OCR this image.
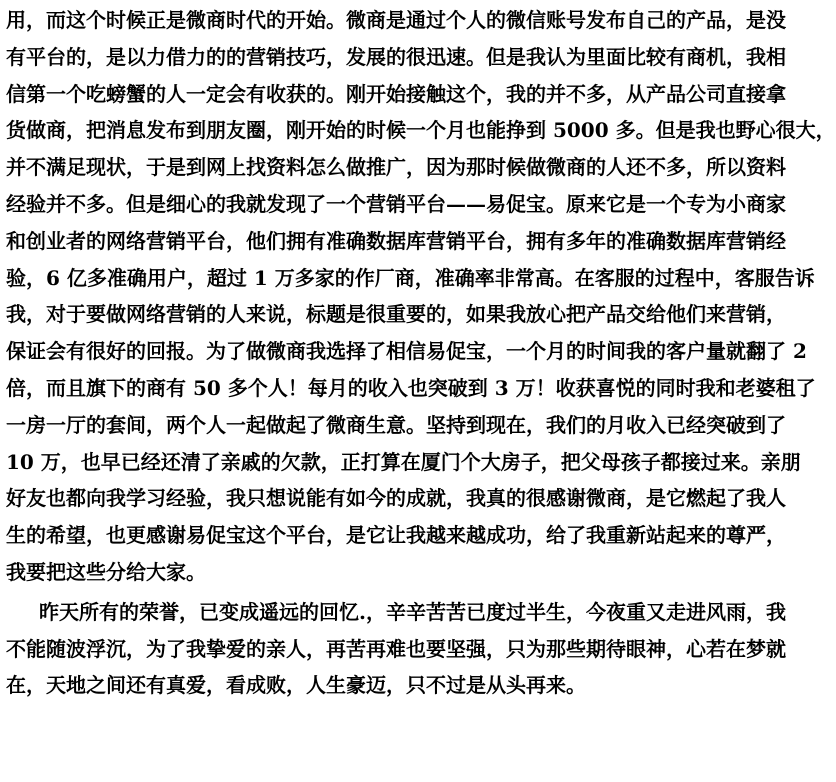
用，而这个时候正是微商时代的开始。微商是通过个人的微信账号发布自己的产品，是没
有平台的，是以力借力的的营销技巧，发展的很迅速。但是我认为里面比较有商机，我相
信第一个吃螃蟹的人一定会有收获的。刚开始接触这个，我的并不多，从产品公司直接拿
货做商，把消息发布到朋友圈，刚开始的时候一个月也能挣到 5000 多。但是我也野心很大，
并不满足现状，于是到网上找资料怎么做推广，因为那时候做微商的人还不多，所以资料
经验并不多。但是细心的我就发现了一个营销平台——易促宝。原来它是一个专为小商家
和创业者的网络营销平台，他们拥有准确数据库营销平台，拥有多年的准确数据库营销经
验，6 亿多准确用户，超过 1 万多家的作厂商，准确率非常高。在客服的过程中，客服告诉
我，对于要做网络营销的人来说，标题是很重要的，如果我放心把产品交给他们来营销，
保证会有很好的回报。为了做微商我选择了相信易促宝，一个月的时间我的客户量就翻了 2
倍，而且旗下的商有 50 多个人！每月的收入也突破到 3 万！收获喜悦的同时我和老婆租了
一房一厅的套间，两个人一起做起了微商生意。坚持到现在，我们的月收入已经突破到了
10 万，也早已经还清了亲戚的欠款，正打算在厦门个大房子，把父母孩子都接过来。亲朋
好友也都向我学习经验，我只想说能有如今的成就，我真的很感谢微商，是它燃起了我人
生的希望，也更感谢易促宝这个平台，是它让我越来越成功，给了我重新站起来的尊严，
我要把这些分给大家。
昨天所有的荣誉，已变成遥远的回忆.，辛辛苦苦已度过半生，今夜重又走进风雨，我
不能随波浮沉，为了我挚爱的亲人，再苦再难也要坚强，只为那些期待眼神，心若在梦就
在，天地之间还有真爱，看成败，人生豪迈，只不过是从头再来。
